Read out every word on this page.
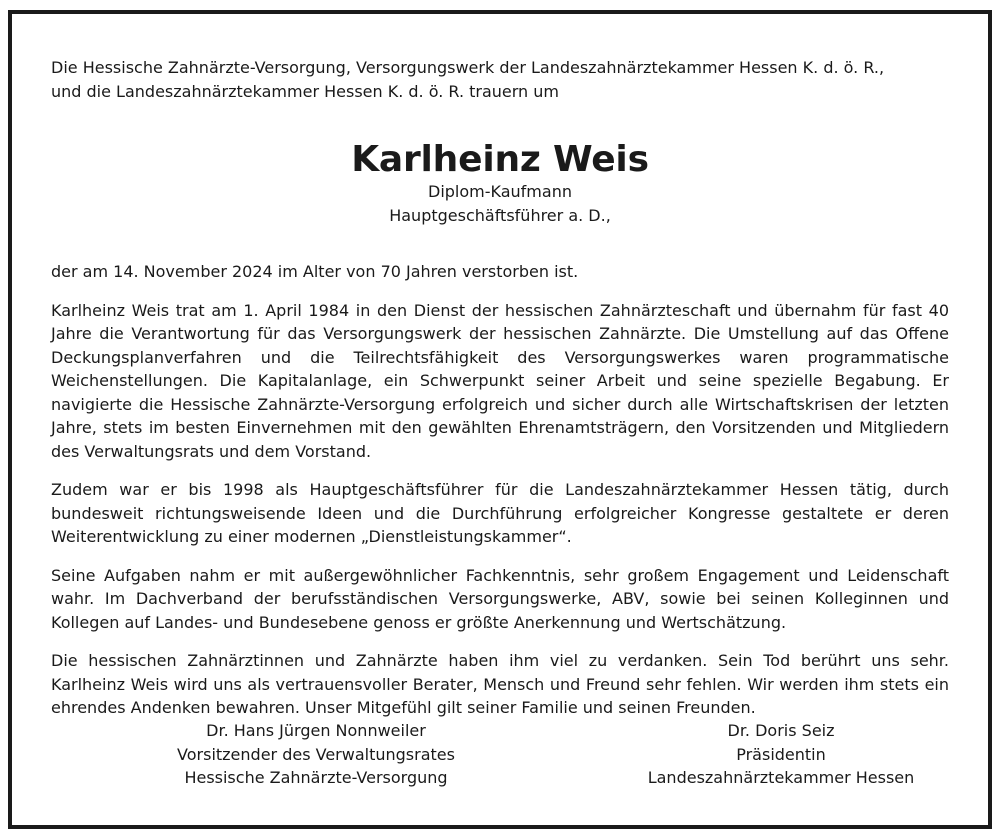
Die Hessische Zahnärzte-Versorgung, Versorgungswerk der Landeszahnärztekammer Hessen K. d. ö. R.,

und die Landeszahnärztekammer Hessen K. d. ö. R. trauern um

Karlheinz Weis

Diplom-Kaufmann

Hauptgeschäftsführer a. D.,

der am 14. November 2024 im Alter von 70 Jahren verstorben ist.

Karlheinz Weis trat am 1. April 1984 in den Dienst der hessischen Zahnärzteschaft und übernahm für fast 40 Jahre die Verantwortung für das Versorgungswerk der hessischen Zahnärzte. Die Umstellung auf das Offene Deckungsplanverfahren und die Teilrechtsfähigkeit des Versorgungswerkes waren programmatische Weichenstellungen. Die Kapitalanlage, ein Schwerpunkt seiner Arbeit und seine spezielle Begabung. Er navigierte die Hessische Zahnärzte-Versorgung erfolgreich und sicher durch alle Wirtschaftskrisen der letzten Jahre, stets im besten Einvernehmen mit den gewählten Ehrenamtsträgern, den Vorsitzenden und Mitgliedern des Verwaltungsrats und dem Vorstand.

Zudem war er bis 1998 als Hauptgeschäftsführer für die Landeszahnärztekammer Hessen tätig, durch bundesweit richtungsweisende Ideen und die Durchführung erfolgreicher Kongresse gestaltete er deren Weiterentwicklung zu einer modernen „Dienstleistungskammer“.

Seine Aufgaben nahm er mit außergewöhnlicher Fachkenntnis, sehr großem Engagement und Leidenschaft wahr. Im Dachverband der berufsständischen Versorgungswerke, ABV, sowie bei seinen Kolleginnen und Kollegen auf Landes- und Bundesebene genoss er größte Anerkennung und Wertschätzung.

Die hessischen Zahnärztinnen und Zahnärzte haben ihm viel zu verdanken. Sein Tod berührt uns sehr. Karlheinz Weis wird uns als vertrauensvoller Berater, Mensch und Freund sehr fehlen. Wir werden ihm stets ein ehrendes Andenken bewahren. Unser Mitgefühl gilt seiner Familie und seinen Freunden.

Dr. Hans Jürgen Nonnweiler

Vorsitzender des Verwaltungsrates

Hessische Zahnärzte-Versorgung

Dr. Doris Seiz

Präsidentin

Landeszahnärztekammer Hessen
